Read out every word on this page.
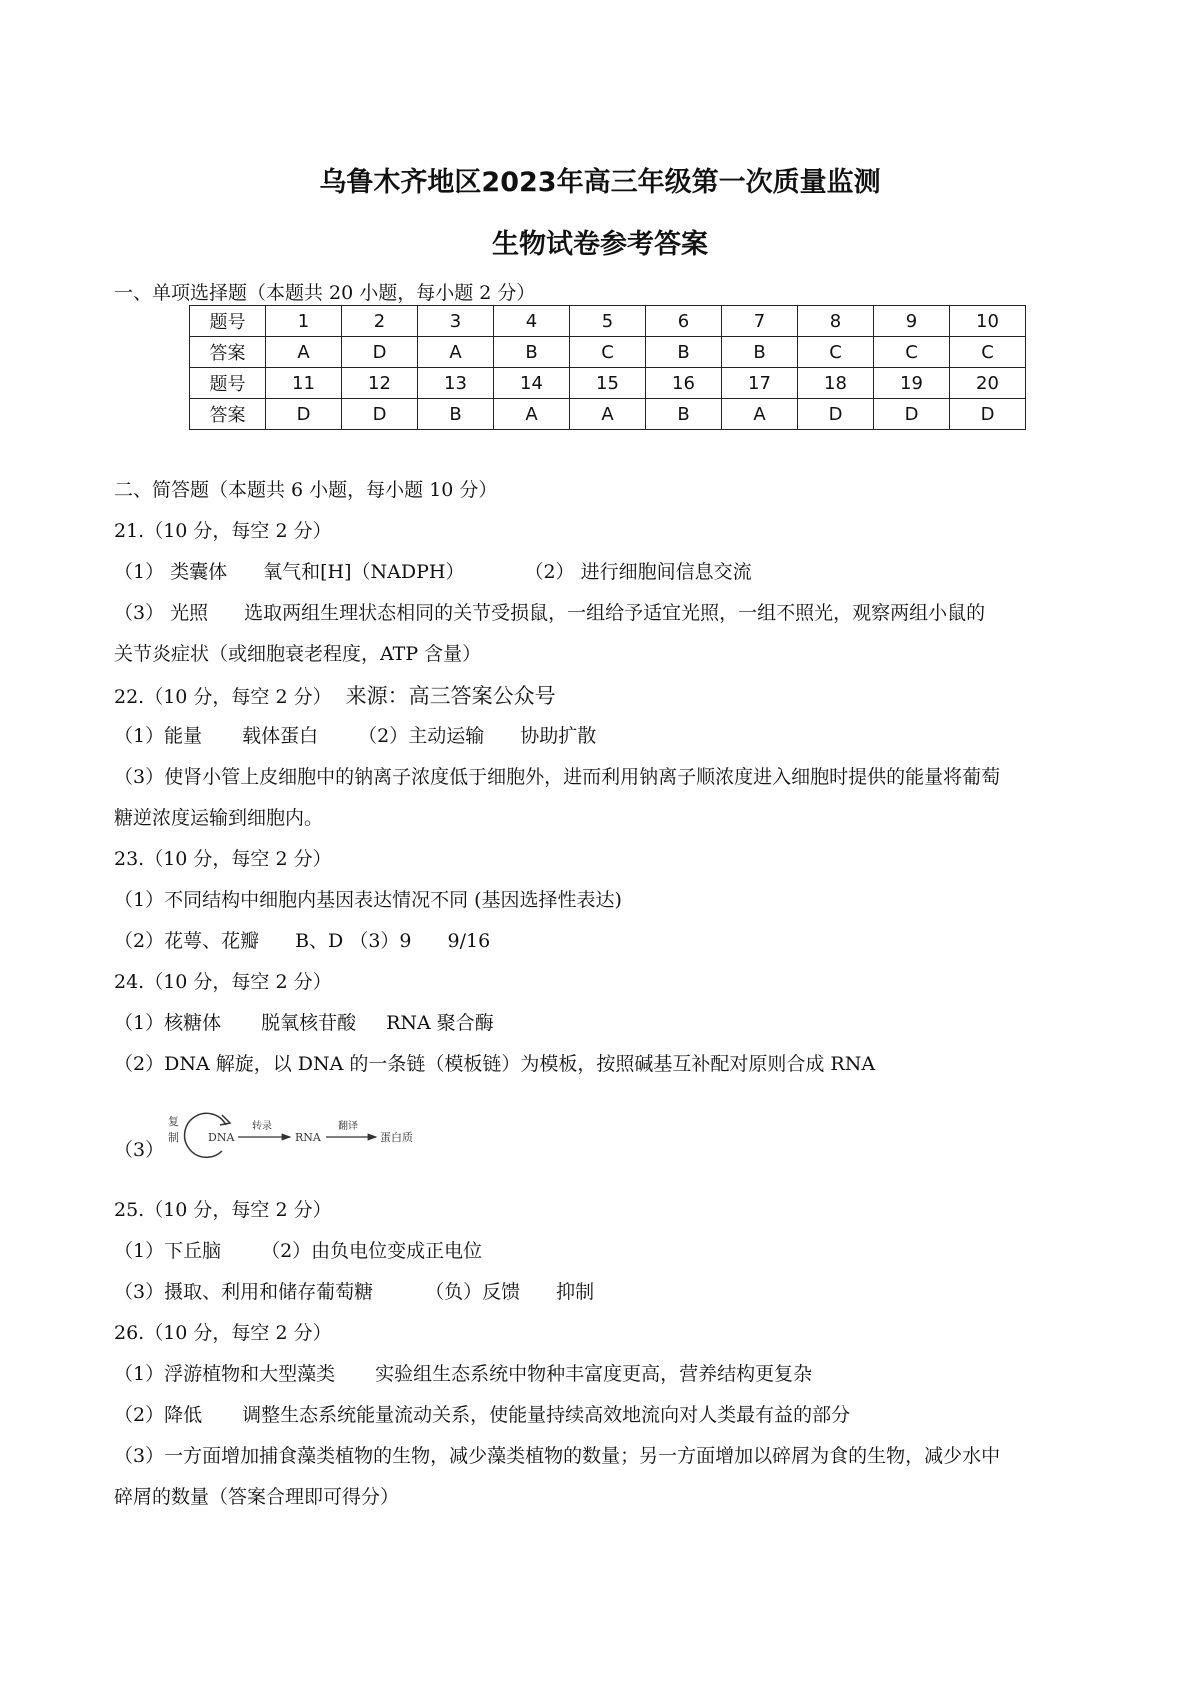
乌鲁木齐地区2023年高三年级第一次质量监测
生物试卷参考答案
一、单项选择题（本题共 20 小题，每小题 2 分）
题号	1	2	3	4	5	6	7	8	9	10
答案	A	D	A	B	C	B	B	C	C	C
题号	11	12	13	14	15	16	17	18	19	20
答案	D	D	B	A	A	B	A	D	D	D
二、简答题（本题共 6 小题，每小题 10 分）
21.（10 分，每空 2 分）
（1） 类囊体 氧气和[H]（NADPH）	（2） 进行细胞间信息交流
（3） 光照 选取两组生理状态相同的关节受损鼠，一组给予适宜光照，一组不照光，观察两组小鼠的
关节炎症状（或细胞衰老程度，ATP 含量）
22.（10 分，每空 2 分） 来源：高三答案公众号
（1）能量 载体蛋白 （2）主动运输 协助扩散
（3）使肾小管上皮细胞中的钠离子浓度低于细胞外，进而利用钠离子顺浓度进入细胞时提供的能量将葡萄
糖逆浓度运输到细胞内。
23.（10 分，每空 2 分）
（1）不同结构中细胞内基因表达情况不同 (基因选择性表达)
（2）花萼、花瓣 B、D （3）9 9/16
24.（10 分，每空 2 分）
（1）核糖体 脱氧核苷酸 RNA 聚合酶
（2）DNA 解旋，以 DNA 的一条链（模板链）为模板，按照碱基互补配对原则合成 RNA
（3）
复
制	DNA
转录
RNA
翻译
蛋白质
25.（10 分，每空 2 分）
（1）下丘脑 （2）由负电位变成正电位
（3）摄取、利用和储存葡萄糖	（负）反馈 抑制
26.（10 分，每空 2 分）
（1）浮游植物和大型藻类 实验组生态系统中物种丰富度更高，营养结构更复杂
（2）降低 调整生态系统能量流动关系，使能量持续高效地流向对人类最有益的部分
（3）一方面增加捕食藻类植物的生物，减少藻类植物的数量；另一方面增加以碎屑为食的生物，减少水中
碎屑的数量（答案合理即可得分）
